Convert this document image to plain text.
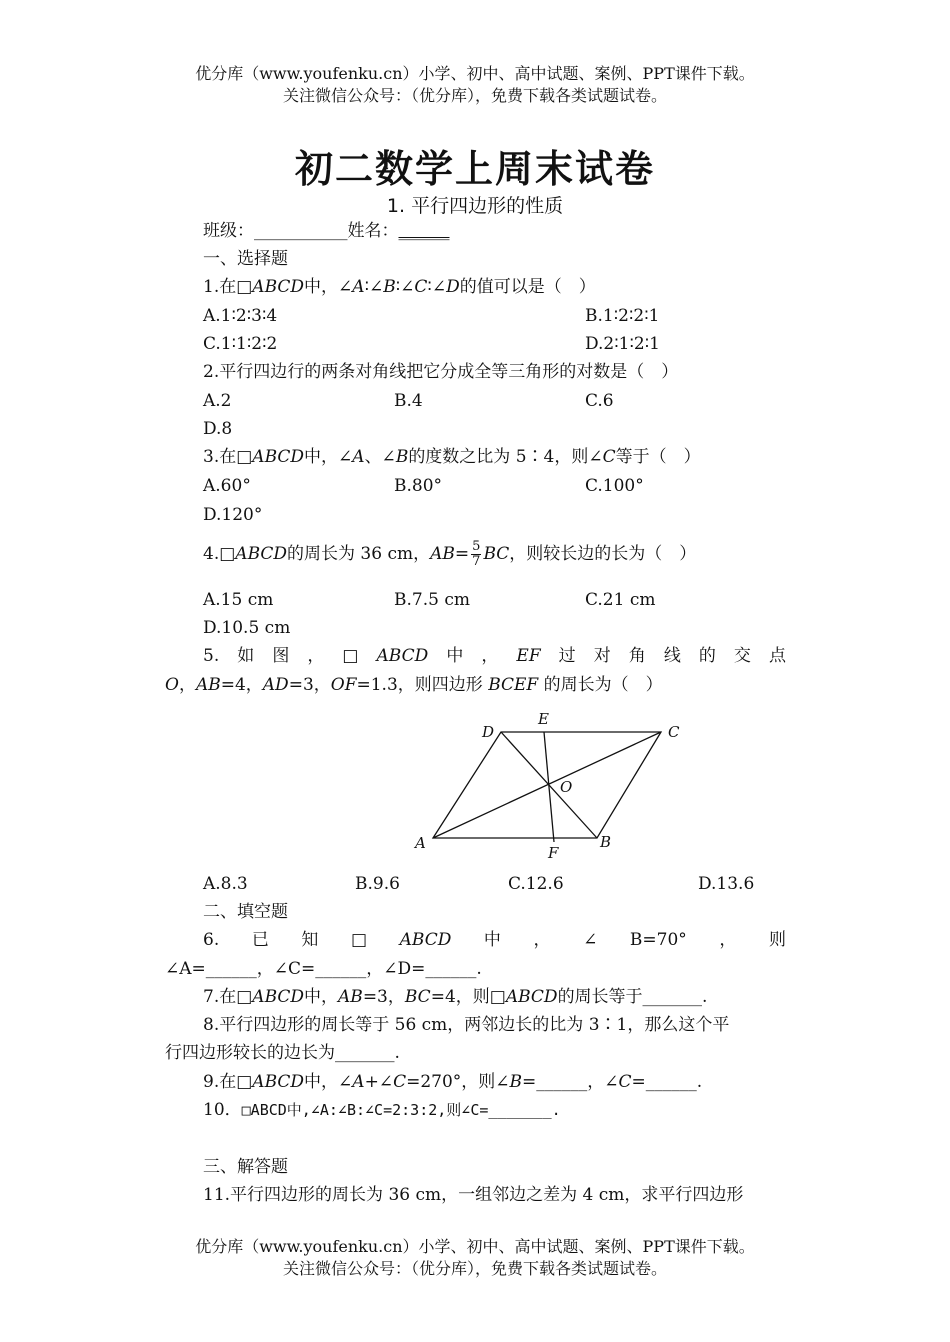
优分库（www.youfenku.cn）小学、初中、高中试题、案例、PPT课件下载。
关注微信公众号：（优分库），免费下载各类试题试卷。
初二数学上周末试卷
1. 平行四边形的性质
班级：___________姓名：______
一、选择题
1.在□ABCD中，∠A∶∠B∶∠C∶∠D的值可以是（　）
A.1∶2∶3∶4	B.1∶2∶2∶1
C.1∶1∶2∶2	D.2∶1∶2∶1
2.平行四边行的两条对角线把它分成全等三角形的对数是（　）
A.2	B.4	C.6
D.8
3.在□ABCD中，∠A、∠B的度数之比为 5∶4，则∠C等于（　）
A.60°	B.80°	C.100°
D.120°
4.□ABCD的周长为 36 cm，$AB= \frac{5}{7}$ BC，则较长边的长为（　）
A.15 cm	B.7.5 cm	C.21 cm
D.10.5 cm
5. 如 图 ， □ ABCD 中 ， EF 过 对 角 线 的 交 点
O，AB=4，AD=3，OF=1.3，则四边形 BCEF 的周长为（　）
D
E
C
O
A	B
F
A.8.3	B.9.6	C.12.6	D.13.6
二、填空题
6. 已 知 □ ABCD 中 ， ∠ B=70° ， 则
∠A=______，∠C=______，∠D=______.
7.在□ABCD中，AB=3，BC=4，则□ABCD的周长等于_______.
8.平行四边形的周长等于 56 cm，两邻边长的比为 3∶1，那么这个平
行四边形较长的边长为_______.
9.在□ABCD中，∠A+∠C=270°，则∠B=______，∠C=______.
10．□ABCD中,∠A:∠B:∠C=2:3:2,则∠C=_______.
三、解答题
11.平行四边形的周长为 36 cm，一组邻边之差为 4 cm，求平行四边形
优分库（www.youfenku.cn）小学、初中、高中试题、案例、PPT课件下载。
关注微信公众号：（优分库），免费下载各类试题试卷。
